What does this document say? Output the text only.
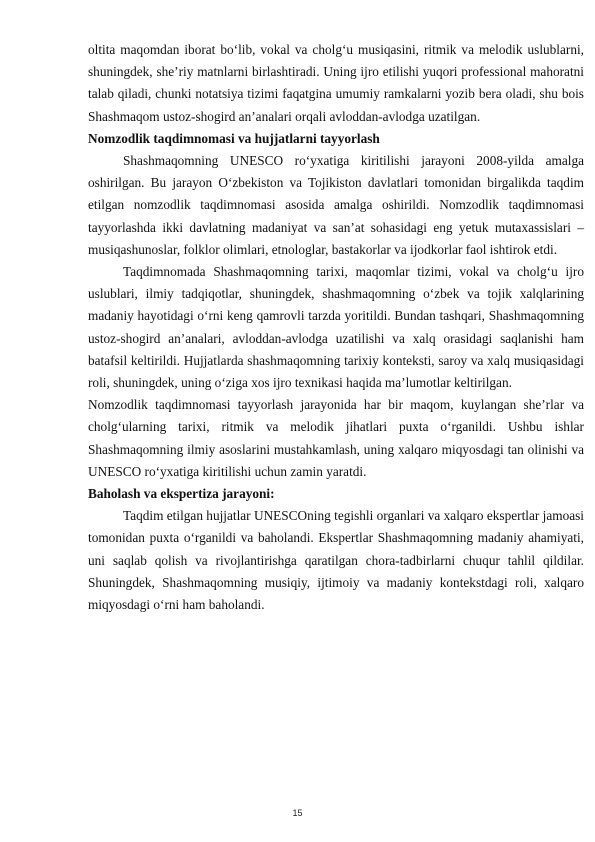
oltita maqomdan iborat bo‘lib, vokal va cholg‘u musiqasini, ritmik va melodik uslublarni, shuningdek, she’riy matnlarni birlashtiradi. Uning ijro etilishi yuqori professional mahoratni talab qiladi, chunki notatsiya tizimi faqatgina umumiy ramkalarni yozib bera oladi, shu bois Shashmaqom ustoz-shogird an’analari orqali avloddan-avlodga uzatilgan.

Nomzodlik taqdimnomasi va hujjatlarni tayyorlash

Shashmaqomning UNESCO ro‘yxatiga kiritilishi jarayoni 2008-yilda amalga oshirilgan. Bu jarayon O‘zbekiston va Tojikiston davlatlari tomonidan birgalikda taqdim etilgan nomzodlik taqdimnomasi asosida amalga oshirildi. Nomzodlik taqdimnomasi tayyorlashda ikki davlatning madaniyat va san’at sohasidagi eng yetuk mutaxassislari – musiqashunoslar, folklor olimlari, etnologlar, bastakorlar va ijodkorlar faol ishtirok etdi.

Taqdimnomada Shashmaqomning tarixi, maqomlar tizimi, vokal va cholg‘u ijro uslublari, ilmiy tadqiqotlar, shuningdek, shashmaqomning o‘zbek va tojik xalqlarining madaniy hayotidagi o‘rni keng qamrovli tarzda yoritildi. Bundan tashqari, Shashmaqomning ustoz-shogird an’analari, avloddan-avlodga uzatilishi va xalq orasidagi saqlanishi ham batafsil keltirildi. Hujjatlarda shashmaqomning tarixiy konteksti, saroy va xalq musiqasidagi roli, shuningdek, uning o‘ziga xos ijro texnikasi haqida ma’lumotlar keltirilgan.

Nomzodlik taqdimnomasi tayyorlash jarayonida har bir maqom, kuylangan she’rlar va cholg‘ularning tarixi, ritmik va melodik jihatlari puxta o‘rganildi. Ushbu ishlar Shashmaqomning ilmiy asoslarini mustahkamlash, uning xalqaro miqyosdagi tan olinishi va UNESCO ro‘yxatiga kiritilishi uchun zamin yaratdi.

Baholash va ekspertiza jarayoni:

Taqdim etilgan hujjatlar UNESCOning tegishli organlari va xalqaro ekspertlar jamoasi tomonidan puxta o‘rganildi va baholandi. Ekspertlar Shashmaqomning madaniy ahamiyati, uni saqlab qolish va rivojlantirishga qaratilgan chora-tadbirlarni chuqur tahlil qildilar. Shuningdek, Shashmaqomning musiqiy, ijtimoiy va madaniy kontekstdagi roli, xalqaro miqyosdagi o‘rni ham baholandi.

15
